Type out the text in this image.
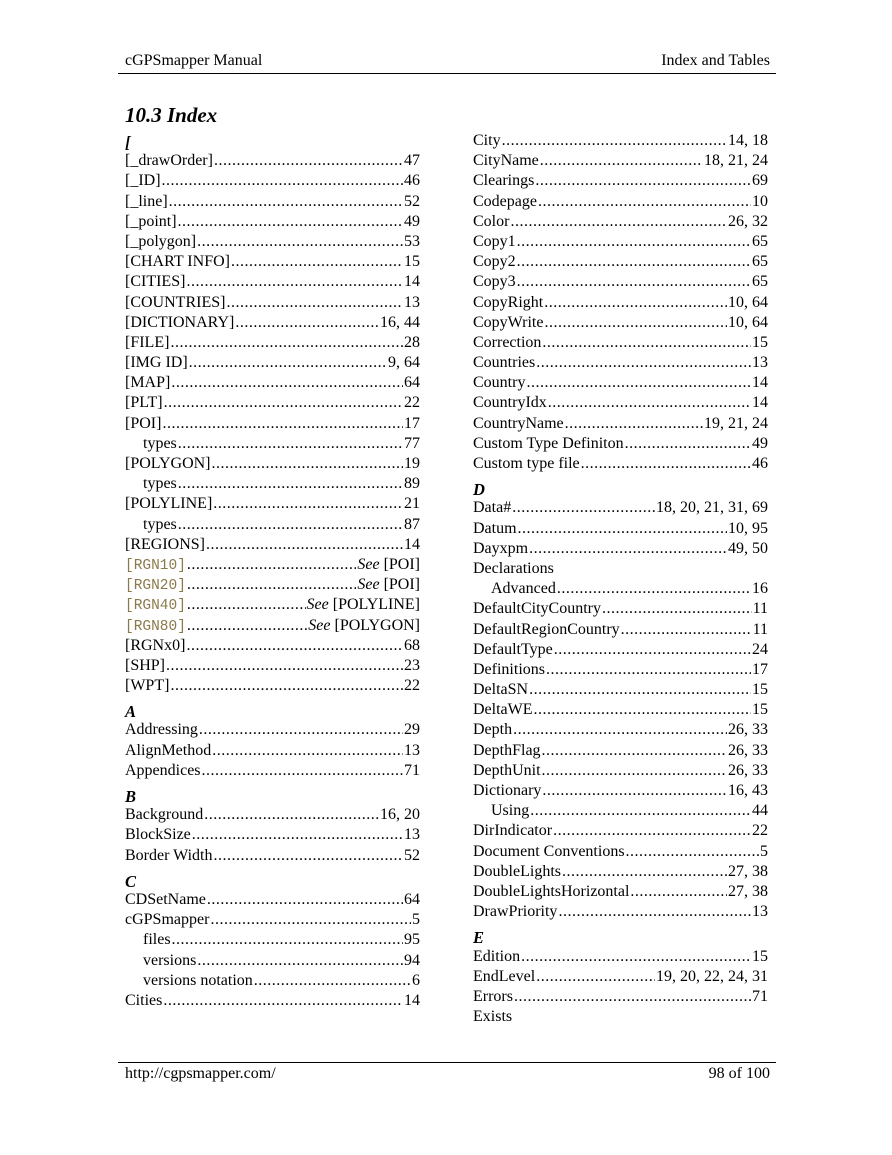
cGPSmapper Manual	Index and Tables
10.3 Index
[
[_drawOrder] .....	47
[_ID] .....	46
[_line] .....	52
[_point] .....	49
[_polygon] .....	53
[CHART INFO] .....	15
[CITIES] .....	14
[COUNTRIES] .....	13
[DICTIONARY] .....	16, 44
[FILE] .....	28
[IMG ID] .....	9, 64
[MAP] .....	64
[PLT] .....	22
[POI] .....	17
types .....	77
[POLYGON] .....	19
types .....	89
[POLYLINE] .....	21
types .....	87
[REGIONS] .....	14
[RGN10] .....	See [POI]
[RGN20] .....	See [POI]
[RGN40] .....	See [POLYLINE]
[RGN80] .....	See [POLYGON]
[RGNx0] .....	68
[SHP] .....	23
[WPT] .....	22
A
Addressing .....	29
AlignMethod .....	13
Appendices .....	71
B
Background .....	16, 20
BlockSize .....	13
Border Width .....	52
C
CDSetName .....	64
cGPSmapper .....	5
files .....	95
versions .....	94
versions notation .....	6
Cities .....	14
City .....	14, 18
CityName .....	18, 21, 24
Clearings .....	69
Codepage .....	10
Color .....	26, 32
Copy1 .....	65
Copy2 .....	65
Copy3 .....	65
CopyRight .....	10, 64
CopyWrite .....	10, 64
Correction .....	15
Countries .....	13
Country .....	14
CountryIdx .....	14
CountryName .....	19, 21, 24
Custom Type Definiton .....	49
Custom type file .....	46
D
Data# .....	18, 20, 21, 31, 69
Datum .....	10, 95
Dayxpm .....	49, 50
Declarations
Advanced .....	16
DefaultCityCountry .....	11
DefaultRegionCountry .....	11
DefaultType .....	24
Definitions .....	17
DeltaSN .....	15
DeltaWE .....	15
Depth .....	26, 33
DepthFlag .....	26, 33
DepthUnit .....	26, 33
Dictionary .....	16, 43
Using .....	44
DirIndicator .....	22
Document Conventions .....	5
DoubleLights .....	27, 38
DoubleLightsHorizontal .....	27, 38
DrawPriority .....	13
E
Edition .....	15
EndLevel .....	19, 20, 22, 24, 31
Errors .....	71
Exists
http://cgpsmapper.com/	98 of 100
